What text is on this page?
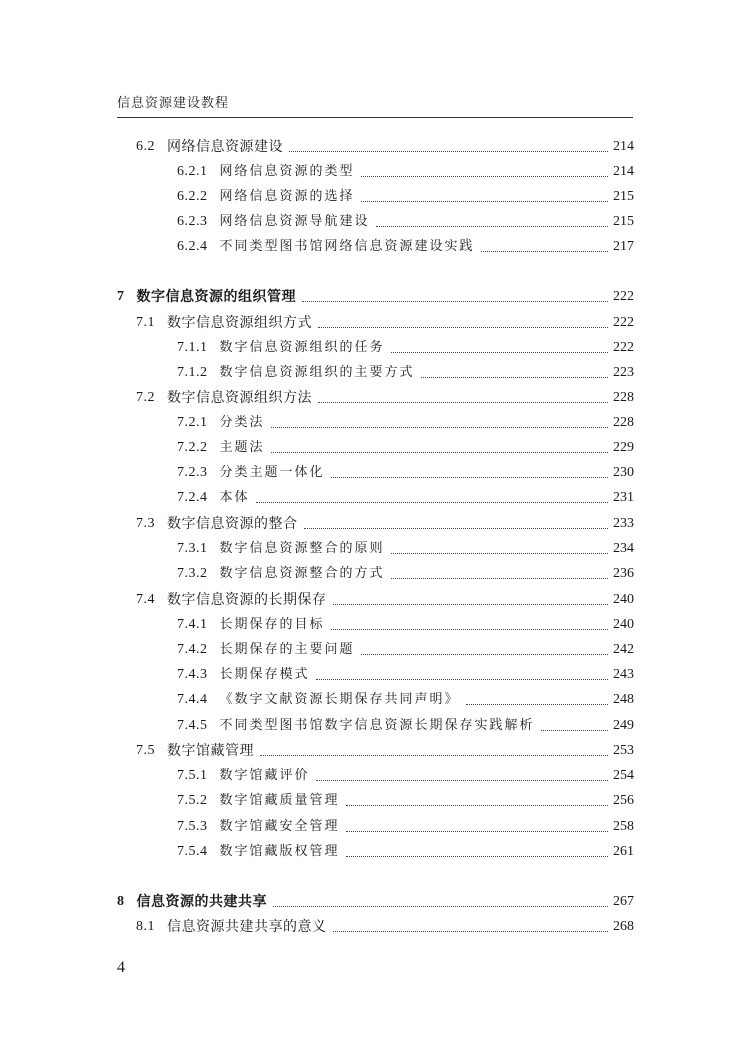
信息资源建设教程
6.2 网络信息资源建设	214
6.2.1 网络信息资源的类型	214
6.2.2 网络信息资源的选择	215
6.2.3 网络信息资源导航建设	215
6.2.4 不同类型图书馆网络信息资源建设实践	217
7 数字信息资源的组织管理	222
7.1 数字信息资源组织方式	222
7.1.1 数字信息资源组织的任务	222
7.1.2 数字信息资源组织的主要方式	223
7.2 数字信息资源组织方法	228
7.2.1 分类法	228
7.2.2 主题法	229
7.2.3 分类主题一体化	230
7.2.4 本体	231
7.3 数字信息资源的整合	233
7.3.1 数字信息资源整合的原则	234
7.3.2 数字信息资源整合的方式	236
7.4 数字信息资源的长期保存	240
7.4.1 长期保存的目标	240
7.4.2 长期保存的主要问题	242
7.4.3 长期保存模式	243
7.4.4 《数字文献资源长期保存共同声明》	248
7.4.5 不同类型图书馆数字信息资源长期保存实践解析	249
7.5 数字馆藏管理	253
7.5.1 数字馆藏评价	254
7.5.2 数字馆藏质量管理	256
7.5.3 数字馆藏安全管理	258
7.5.4 数字馆藏版权管理	261
8 信息资源的共建共享	267
8.1 信息资源共建共享的意义	268
4
